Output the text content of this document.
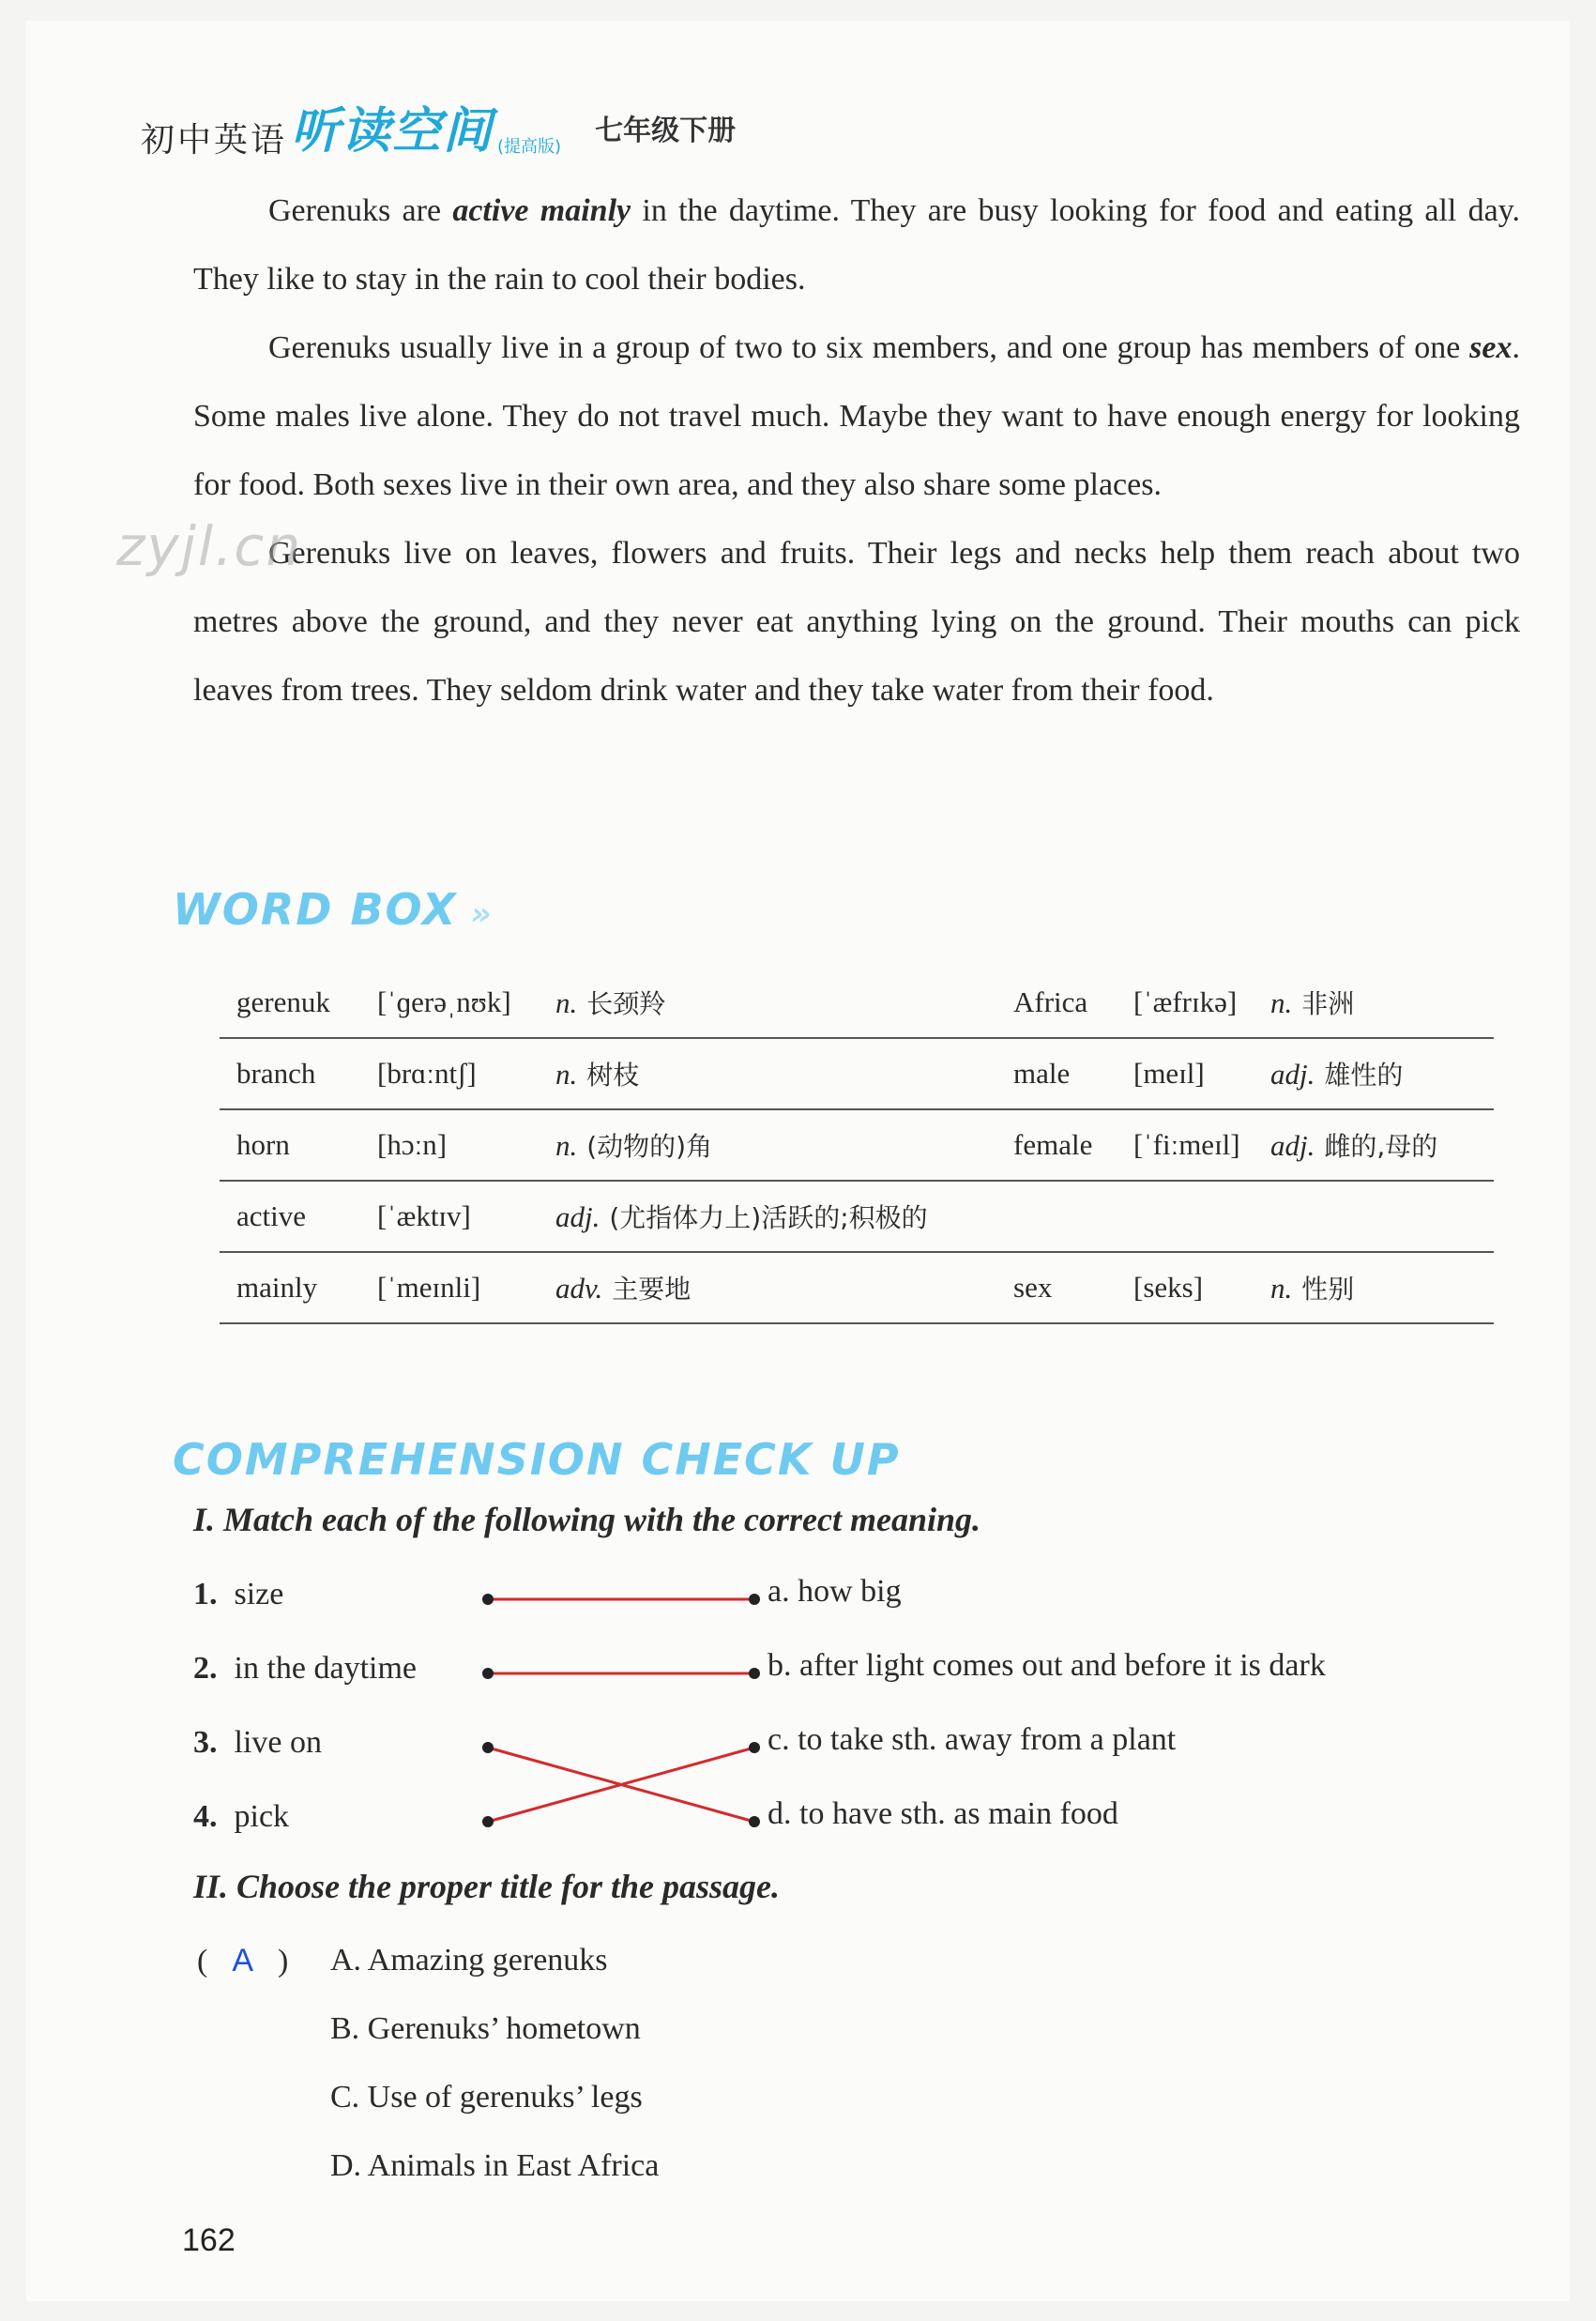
初中英语 听读空间 (提高版) 七年级下册

Gerenuks are active mainly in the daytime. They are busy looking for food and eating all day. They like to stay in the rain to cool their bodies.

Gerenuks usually live in a group of two to six members, and one group has members of one sex. Some males live alone. They do not travel much. Maybe they want to have enough energy for looking for food. Both sexes live in their own area, and they also share some places.

Gerenuks live on leaves, flowers and fruits. Their legs and necks help them reach about two metres above the ground, and they never eat anything lying on the ground. Their mouths can pick leaves from trees. They seldom drink water and they take water from their food.

zyjl.cn
WORD BOX »
gerenuk	[ˈɡerəˌnʊk]	n. 长颈羚	Africa	[ˈæfrɪkə]	n. 非洲
branch	[brɑːntʃ]	n. 树枝	male	[meɪl]	adj. 雄性的
horn	[hɔːn]	n. (动物的)角	female	[ˈfiːmeɪl]	adj. 雌的,母的
active	[ˈæktɪv]	adj. (尤指体力上)活跃的;积极的			
mainly	[ˈmeɪnli]	adv. 主要地	sex	[seks]	n. 性别
COMPREHENSION CHECK UP
I. Match each of the following with the correct meaning.
1. size
2. in the daytime
3. live on
4. pick
a. how big
b. after light comes out and before it is dark
c. to take sth. away from a plant
d. to have sth. as main food
II. Choose the proper title for the passage.
( A ) A. Amazing gerenuks
B. Gerenuks’ hometown
C. Use of gerenuks’ legs
D. Animals in East Africa
162
